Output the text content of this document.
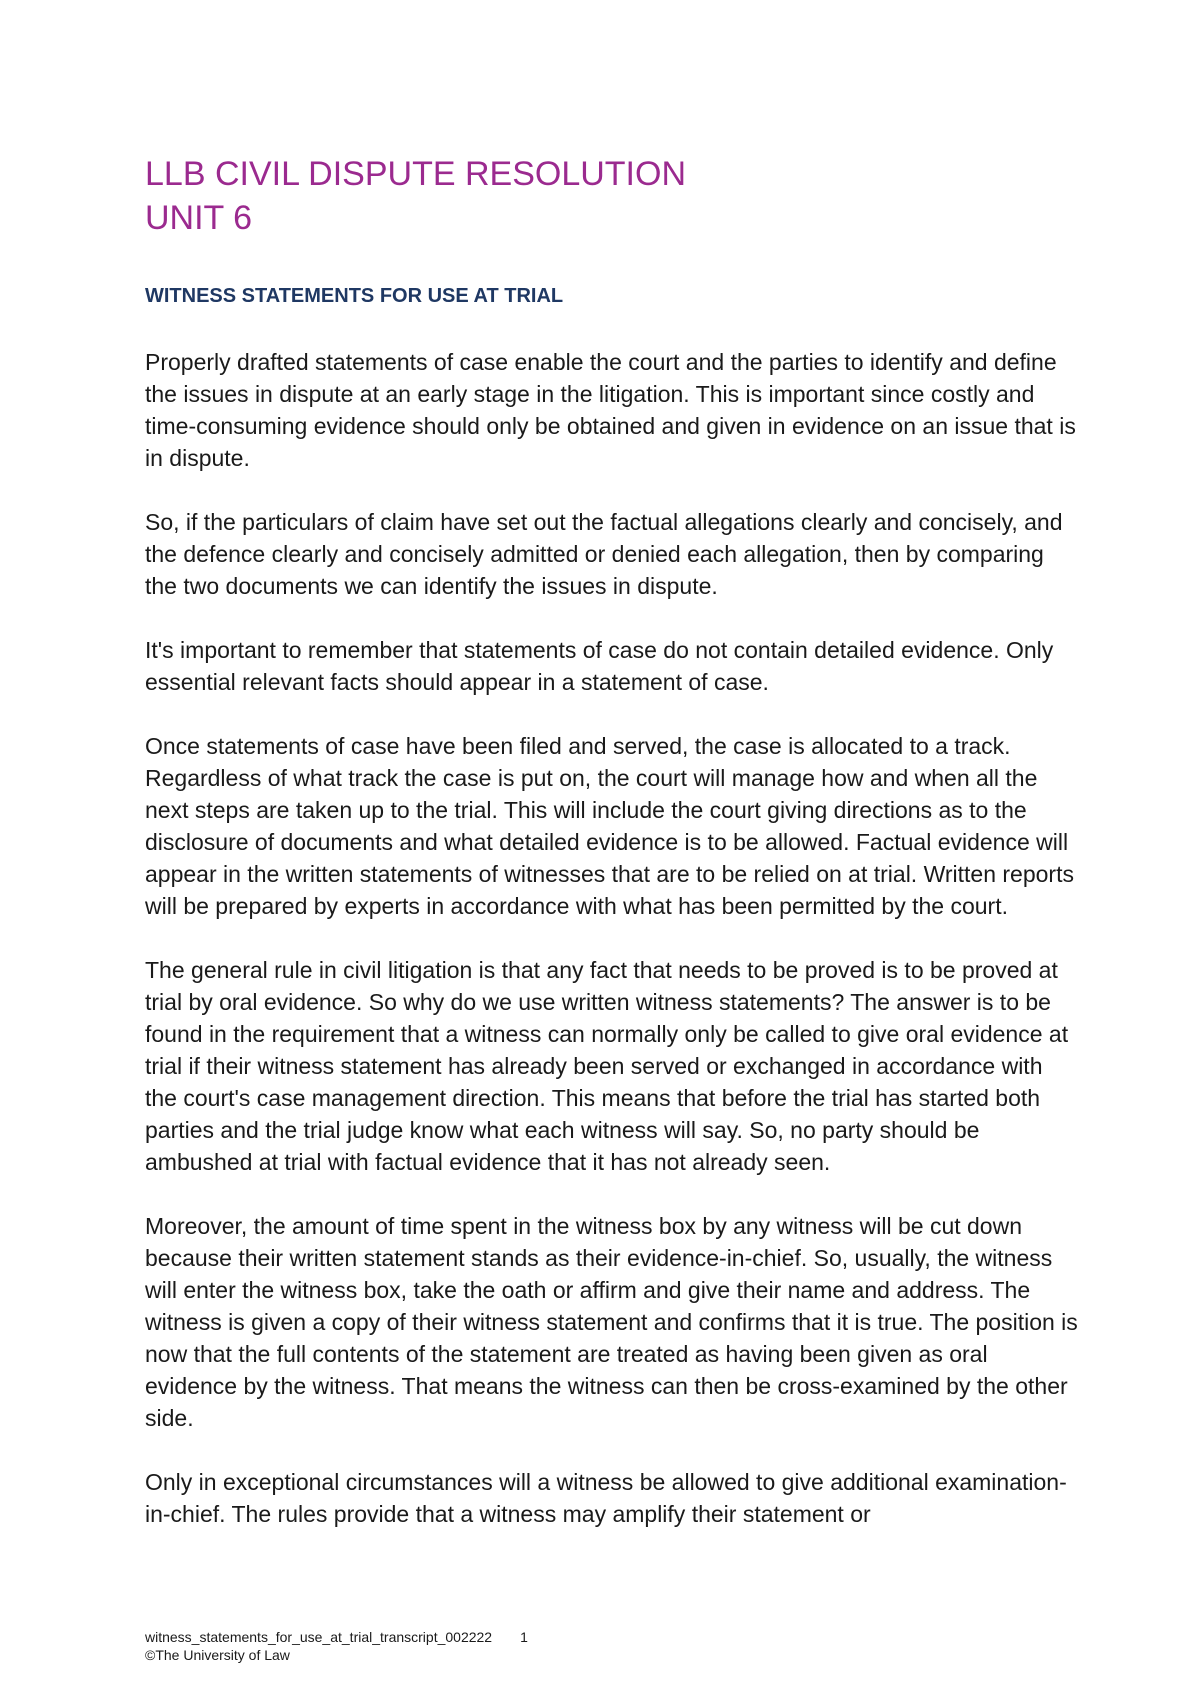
LLB CIVIL DISPUTE RESOLUTION
UNIT 6
WITNESS STATEMENTS FOR USE AT TRIAL

Properly drafted statements of case enable the court and the parties to identify and define the issues in dispute at an early stage in the litigation. This is important since costly and time-consuming evidence should only be obtained and given in evidence on an issue that is in dispute.

So, if the particulars of claim have set out the factual allegations clearly and concisely, and the defence clearly and concisely admitted or denied each allegation, then by comparing the two documents we can identify the issues in dispute.

It's important to remember that statements of case do not contain detailed evidence. Only essential relevant facts should appear in a statement of case.

Once statements of case have been filed and served, the case is allocated to a track. Regardless of what track the case is put on, the court will manage how and when all the next steps are taken up to the trial. This will include the court giving directions as to the disclosure of documents and what detailed evidence is to be allowed. Factual evidence will appear in the written statements of witnesses that are to be relied on at trial. Written reports will be prepared by experts in accordance with what has been permitted by the court.

The general rule in civil litigation is that any fact that needs to be proved is to be proved at trial by oral evidence. So why do we use written witness statements? The answer is to be found in the requirement that a witness can normally only be called to give oral evidence at trial if their witness statement has already been served or exchanged in accordance with the court's case management direction. This means that before the trial has started both parties and the trial judge know what each witness will say. So, no party should be ambushed at trial with factual evidence that it has not already seen.

Moreover, the amount of time spent in the witness box by any witness will be cut down because their written statement stands as their evidence-in-chief. So, usually, the witness will enter the witness box, take the oath or affirm and give their name and address. The witness is given a copy of their witness statement and confirms that it is true. The position is now that the full contents of the statement are treated as having been given as oral evidence by the witness. That means the witness can then be cross-examined by the other side.

Only in exceptional circumstances will a witness be allowed to give additional examination-in-chief. The rules provide that a witness may amplify their statement or

witness_statements_for_use_at_trial_transcript_002222 1
©The University of Law
